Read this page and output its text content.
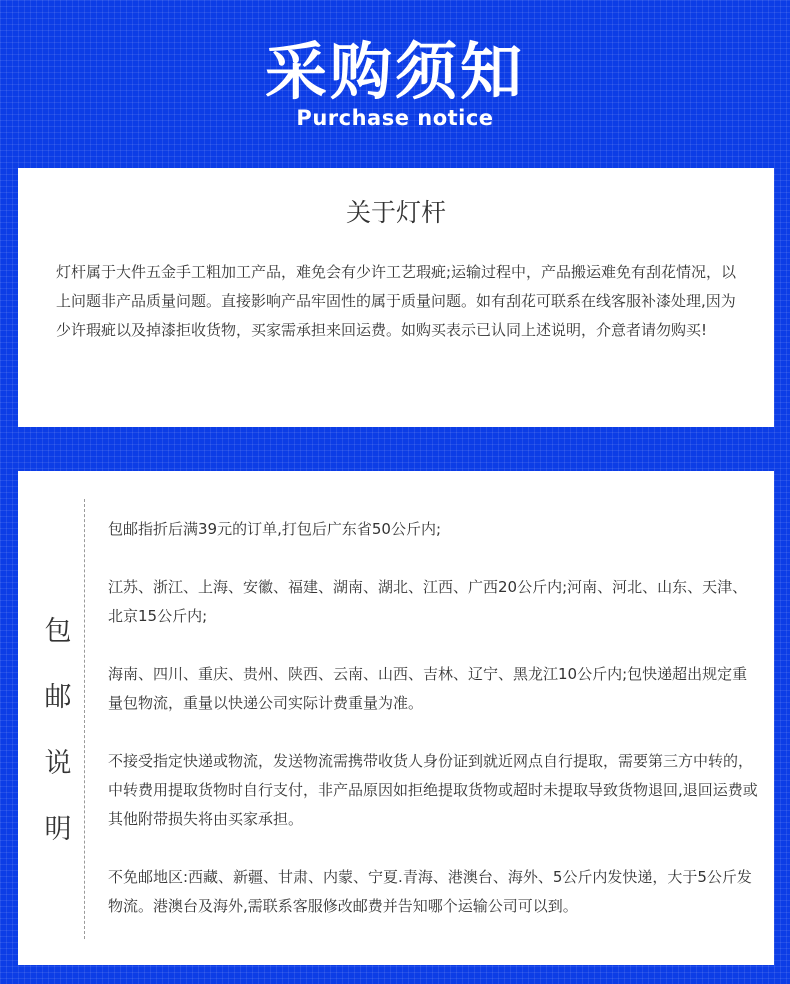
采购须知
Purchase notice
关于灯杆
灯杆属于大件五金手工粗加工产品，难免会有少许工艺瑕疵;运输过程中，产品搬运难免有刮花情况，以上问题非产品质量问题。直接影响产品牢固性的属于质量问题。如有刮花可联系在线客服补漆处理,因为少许瑕疵以及掉漆拒收货物，买家需承担来回运费。如购买表示已认同上述说明，介意者请勿购买!
包
邮
说
明
包邮指折后满39元的订单,打包后广东省50公斤内;
江苏、浙江、上海、安徽、福建、湖南、湖北、江西、广西20公斤内;河南、河北、山东、天津、北京15公斤内;
海南、四川、重庆、贵州、陕西、云南、山西、吉林、辽宁、黑龙江10公斤内;包快递超出规定重量包物流，重量以快递公司实际计费重量为准。
不接受指定快递或物流，发送物流需携带收货人身份证到就近网点自行提取，需要第三方中转的，中转费用提取货物时自行支付，非产品原因如拒绝提取货物或超时未提取导致货物退回,退回运费或其他附带损失将由买家承担。
不免邮地区:西藏、新疆、甘肃、内蒙、宁夏.青海、港澳台、海外、5公斤内发快递，大于5公斤发物流。港澳台及海外,需联系客服修改邮费并告知哪个运输公司可以到。
